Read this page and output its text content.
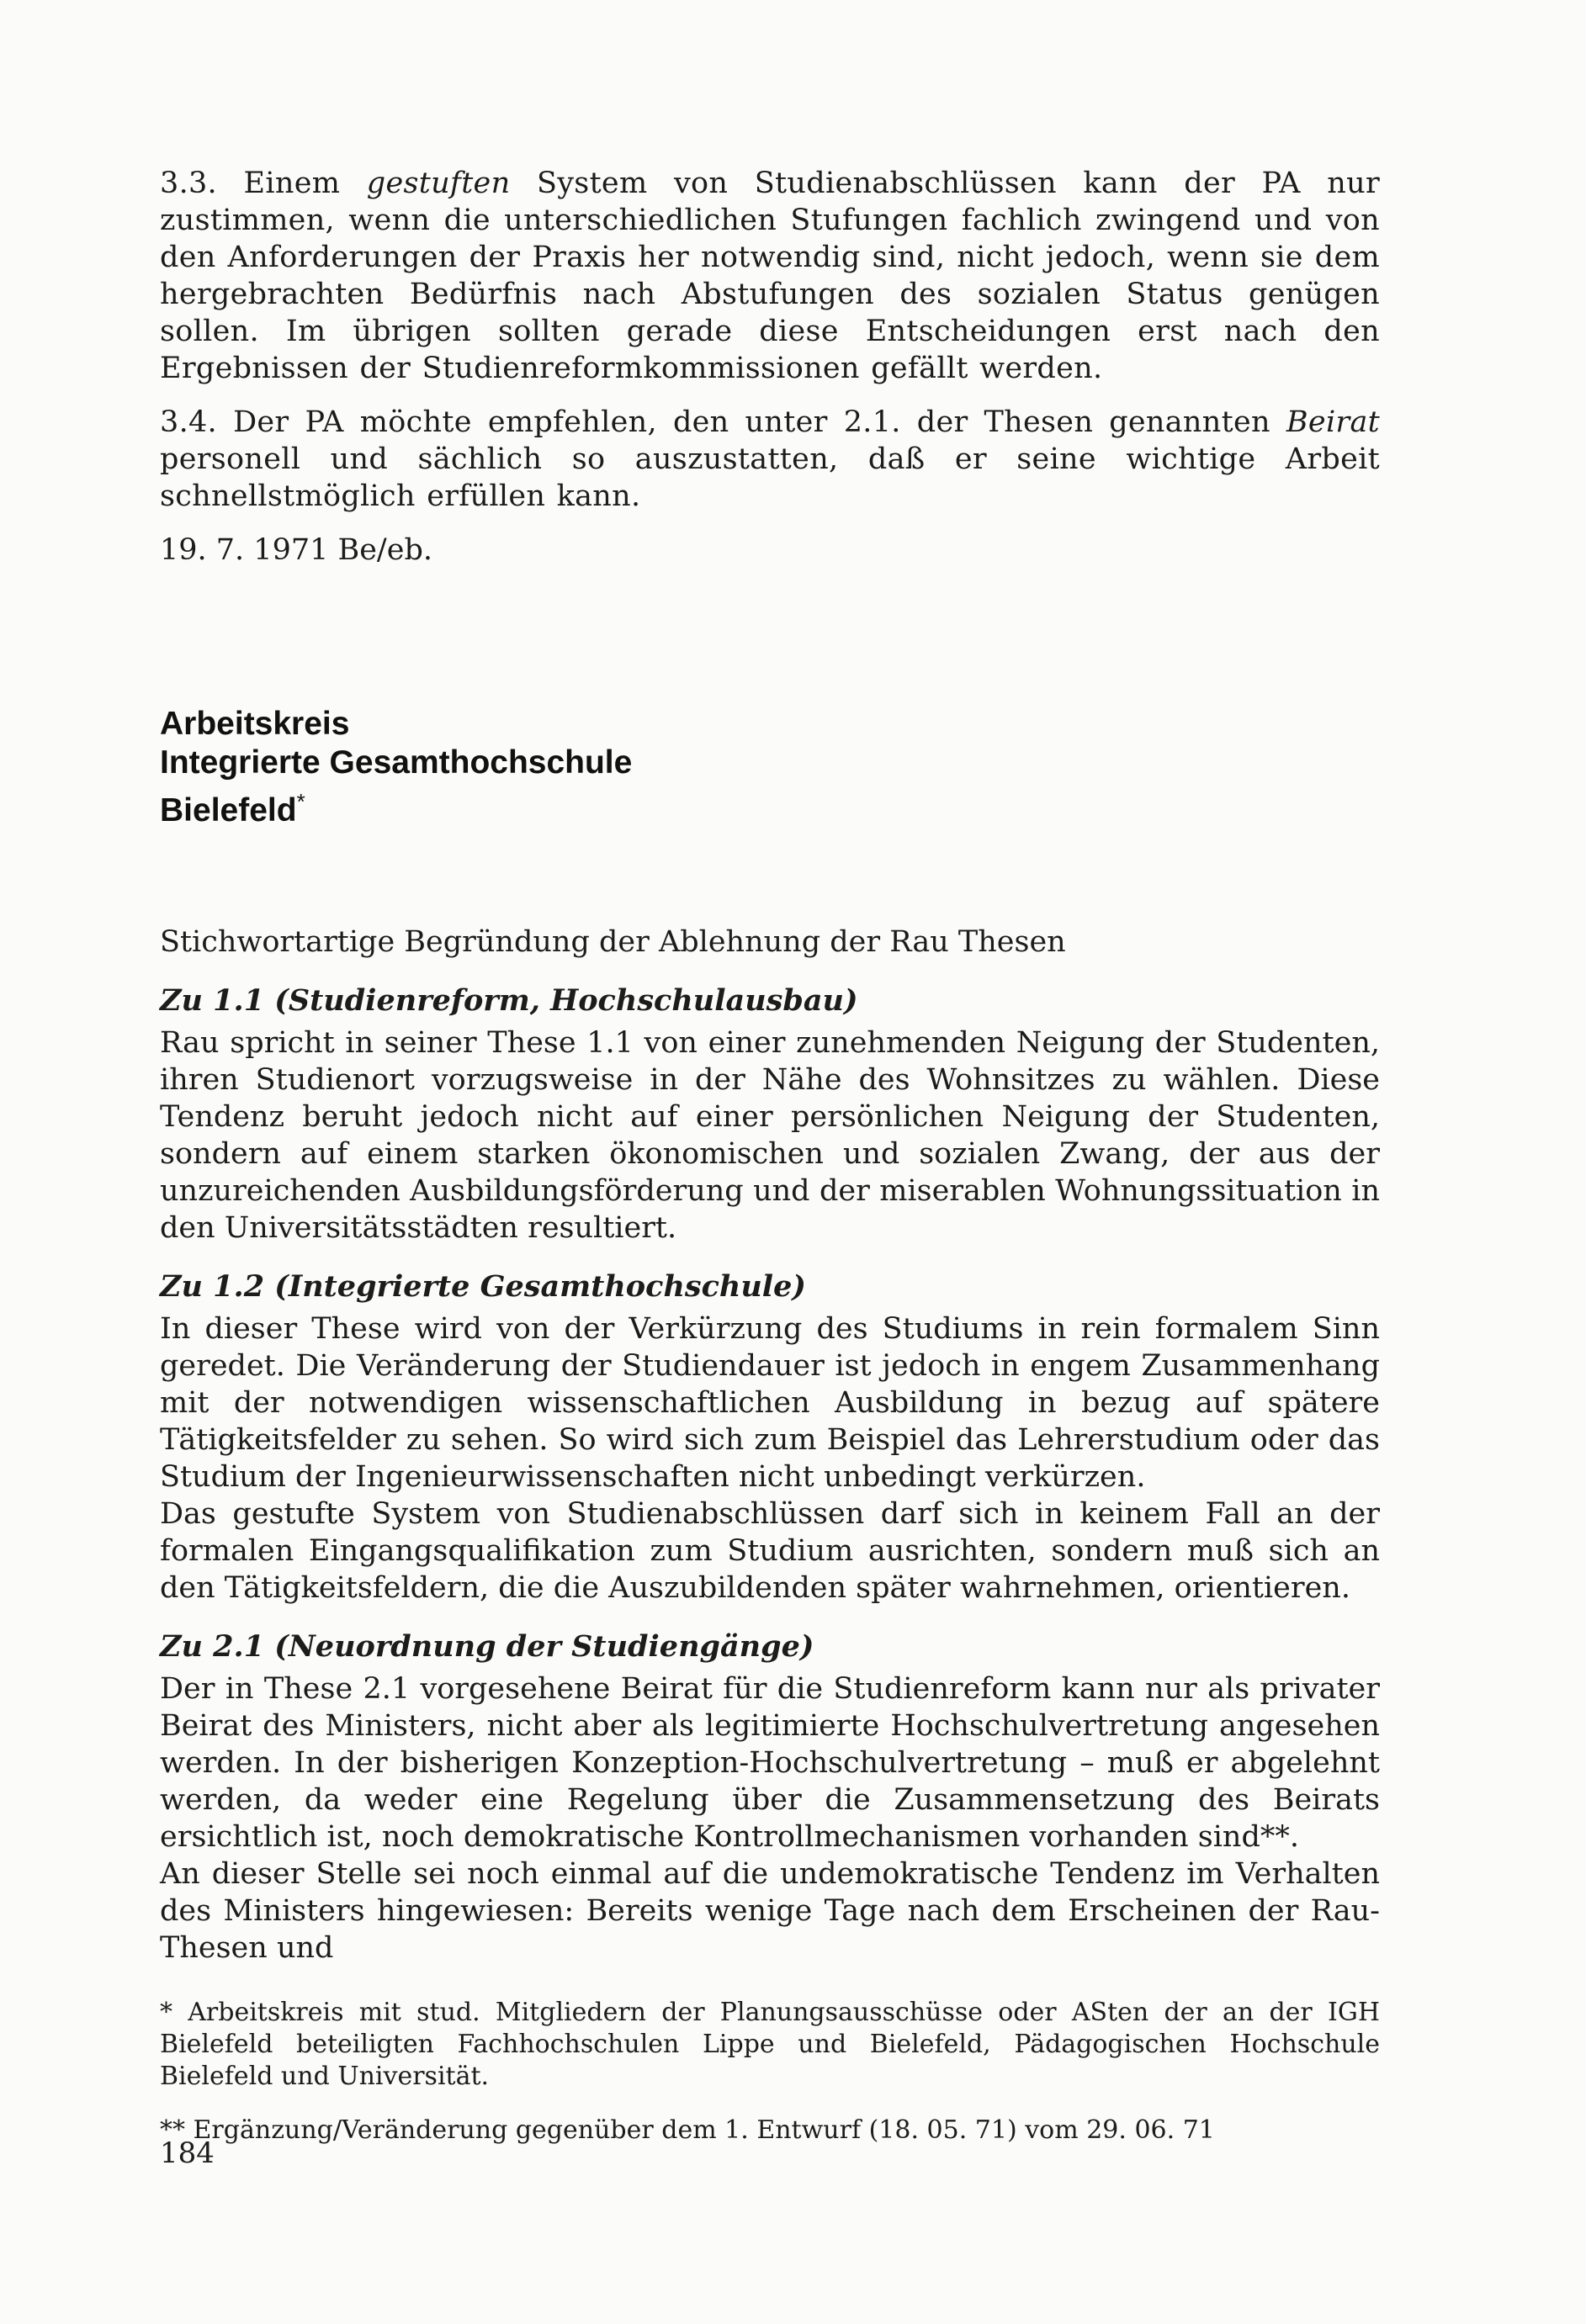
3.3. Einem gestuften System von Studienabschlüssen kann der PA nur zustimmen, wenn die unterschiedlichen Stufungen fachlich zwingend und von den Anforderungen der Praxis her notwendig sind, nicht jedoch, wenn sie dem hergebrachten Bedürfnis nach Abstufungen des sozialen Status genügen sollen. Im übrigen sollten gerade diese Entscheidungen erst nach den Ergebnissen der Studienreformkommissionen gefällt werden.

3.4. Der PA möchte empfehlen, den unter 2.1. der Thesen genannten Beirat personell und sächlich so auszustatten, daß er seine wichtige Arbeit schnellstmöglich erfüllen kann.

19. 7. 1971 Be/eb.

Arbeitskreis
Integrierte Gesamthochschule
Bielefeld*

Stichwortartige Begründung der Ablehnung der Rau Thesen

Zu 1.1 (Studienreform, Hochschulausbau)

Rau spricht in seiner These 1.1 von einer zunehmenden Neigung der Studenten, ihren Studienort vorzugsweise in der Nähe des Wohnsitzes zu wählen. Diese Tendenz beruht jedoch nicht auf einer persönlichen Neigung der Studenten, sondern auf einem starken ökonomischen und sozialen Zwang, der aus der unzureichenden Ausbildungsförderung und der miserablen Wohnungssituation in den Universitätsstädten resultiert.

Zu 1.2 (Integrierte Gesamthochschule)

In dieser These wird von der Verkürzung des Studiums in rein formalem Sinn geredet. Die Veränderung der Studiendauer ist jedoch in engem Zusammenhang mit der notwendigen wissenschaftlichen Ausbildung in bezug auf spätere Tätigkeitsfelder zu sehen. So wird sich zum Beispiel das Lehrerstudium oder das Studium der Ingenieurwissenschaften nicht unbedingt verkürzen.

Das gestufte System von Studienabschlüssen darf sich in keinem Fall an der formalen Eingangsqualifikation zum Studium ausrichten, sondern muß sich an den Tätigkeitsfeldern, die die Auszubildenden später wahrnehmen, orientieren.

Zu 2.1 (Neuordnung der Studiengänge)

Der in These 2.1 vorgesehene Beirat für die Studienreform kann nur als privater Beirat des Ministers, nicht aber als legitimierte Hochschulvertretung angesehen werden. In der bisherigen Konzeption-Hochschulvertretung – muß er abgelehnt werden, da weder eine Regelung über die Zusammensetzung des Beirats ersichtlich ist, noch demokratische Kontrollmechanismen vorhanden sind**.

An dieser Stelle sei noch einmal auf die undemokratische Tendenz im Verhalten des Ministers hingewiesen: Bereits wenige Tage nach dem Erscheinen der Rau-Thesen und

* Arbeitskreis mit stud. Mitgliedern der Planungsausschüsse oder ASten der an der IGH Bielefeld beteiligten Fachhochschulen Lippe und Bielefeld, Pädagogischen Hochschule Bielefeld und Universität.

** Ergänzung/Veränderung gegenüber dem 1. Entwurf (18. 05. 71) vom 29. 06. 71

184
